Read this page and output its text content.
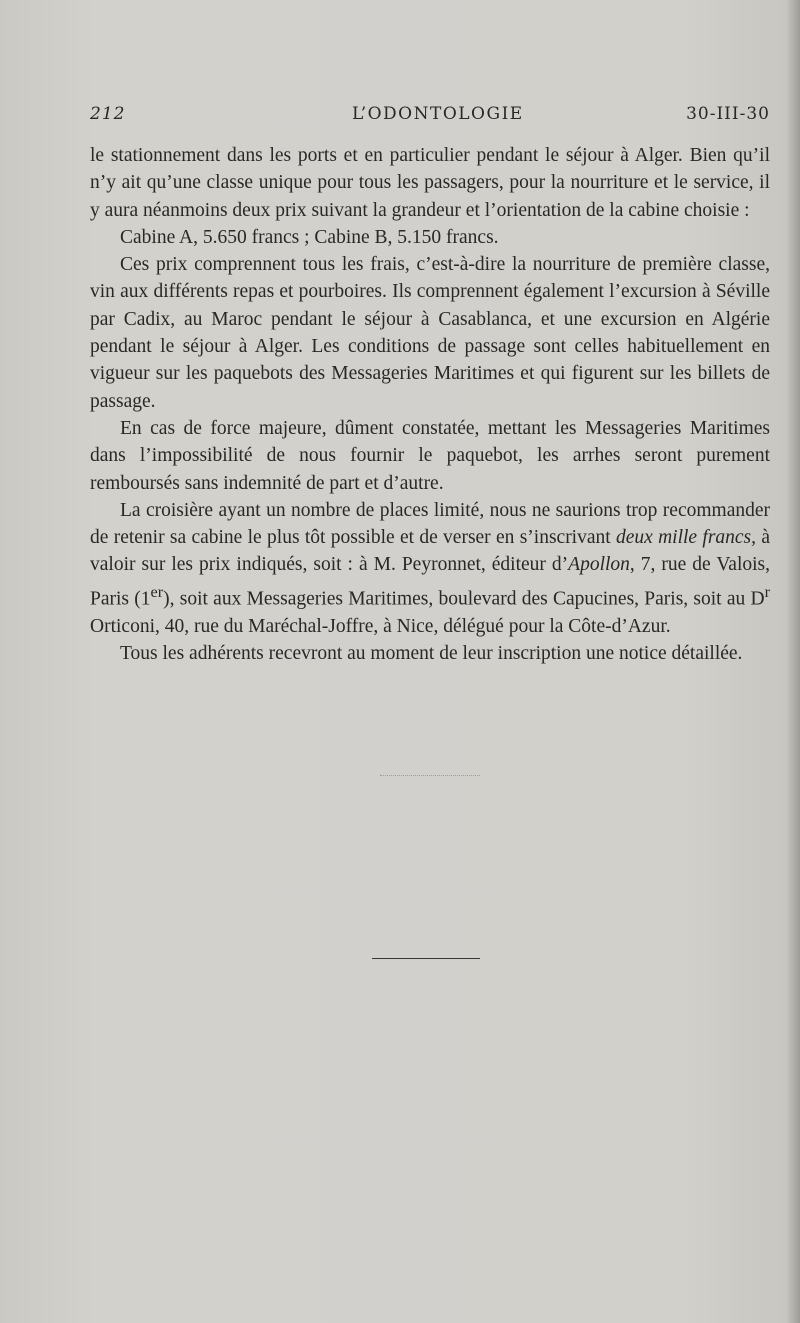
212	L’ODONTOLOGIE	30-III-30

le stationnement dans les ports et en particulier pendant le séjour à Alger. Bien qu’il n’y ait qu’une classe unique pour tous les passagers, pour la nourriture et le service, il y aura néanmoins deux prix suivant la grandeur et l’orientation de la cabine choisie :

Cabine A, 5.650 francs ; Cabine B, 5.150 francs.

Ces prix comprennent tous les frais, c’est-à-dire la nourriture de première classe, vin aux différents repas et pourboires. Ils comprennent également l’excursion à Séville par Cadix, au Maroc pendant le séjour à Casablanca, et une excursion en Algérie pendant le séjour à Alger. Les conditions de passage sont celles habituellement en vigueur sur les paquebots des Messageries Maritimes et qui figurent sur les billets de passage.

En cas de force majeure, dûment constatée, mettant les Messageries Maritimes dans l’impossibilité de nous fournir le paquebot, les arrhes seront purement remboursés sans indemnité de part et d’autre.

La croisière ayant un nombre de places limité, nous ne saurions trop recommander de retenir sa cabine le plus tôt possible et de verser en s’inscrivant deux mille francs, à valoir sur les prix indiqués, soit : à M. Peyronnet, éditeur d’Apollon, 7, rue de Valois, Paris (1er), soit aux Messageries Maritimes, boulevard des Capucines, Paris, soit au $D^r$ Orticoni, 40, rue du Maréchal-Joffre, à Nice, délégué pour la Côte-d’Azur.

Tous les adhérents recevront au moment de leur inscription une notice détaillée.
